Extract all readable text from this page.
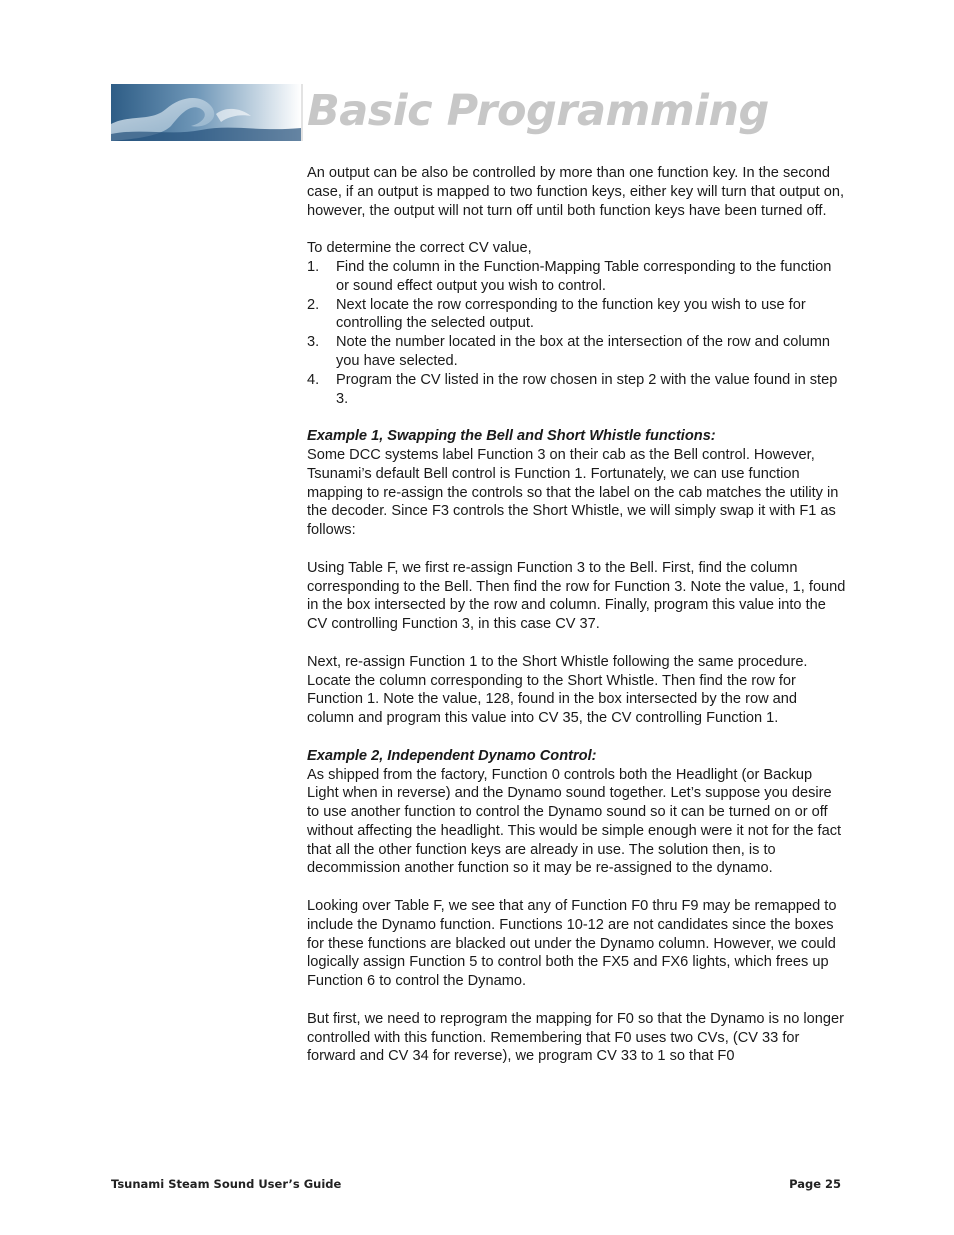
Basic Programming

An output can be also be controlled by more than one function key. In the second case, if an output is mapped to two function keys, either key will turn that output on, however, the output will not turn off until both function keys have been turned off.

To determine the correct CV value,

1. Find the column in the Function-Mapping Table corresponding to the function or sound effect output you wish to control.
2. Next locate the row corresponding to the function key you wish to use for controlling the selected output.
3. Note the number located in the box at the intersection of the row and column you have selected.
4. Program the CV listed in the row chosen in step 2 with the value found in step 3.

Example 1, Swapping the Bell and Short Whistle functions:

Some DCC systems label Function 3 on their cab as the Bell control. However, Tsunami’s default Bell control is Function 1. Fortunately, we can use function mapping to re-assign the controls so that the label on the cab matches the utility in the decoder. Since F3 controls the Short Whistle, we will simply swap it with F1 as follows:

Using Table F, we first re-assign Function 3 to the Bell. First, find the column corresponding to the Bell. Then find the row for Function 3. Note the value, 1, found in the box intersected by the row and column. Finally, program this value into the CV controlling Function 3, in this case CV 37.

Next, re-assign Function 1 to the Short Whistle following the same procedure. Locate the column corresponding to the Short Whistle. Then find the row for Function 1. Note the value, 128, found in the box intersected by the row and column and program this value into CV 35, the CV controlling Function 1.

Example 2, Independent Dynamo Control:

As shipped from the factory, Function 0 controls both the Headlight (or Backup Light when in reverse) and the Dynamo sound together. Let’s suppose you desire to use another function to control the Dynamo sound so it can be turned on or off without affecting the headlight. This would be simple enough were it not for the fact that all the other function keys are already in use. The solution then, is to decommission another function so it may be re-assigned to the dynamo.

Looking over Table F, we see that any of Function F0 thru F9 may be remapped to include the Dynamo function. Functions 10-12 are not candidates since the boxes for these functions are blacked out under the Dynamo column. However, we could logically assign Function 5 to control both the FX5 and FX6 lights, which frees up Function 6 to control the Dynamo.

But first, we need to reprogram the mapping for F0 so that the Dynamo is no longer controlled with this function. Remembering that F0 uses two CVs, (CV 33 for forward and CV 34 for reverse), we program CV 33 to 1 so that F0

Tsunami Steam Sound User’s Guide	Page 25
